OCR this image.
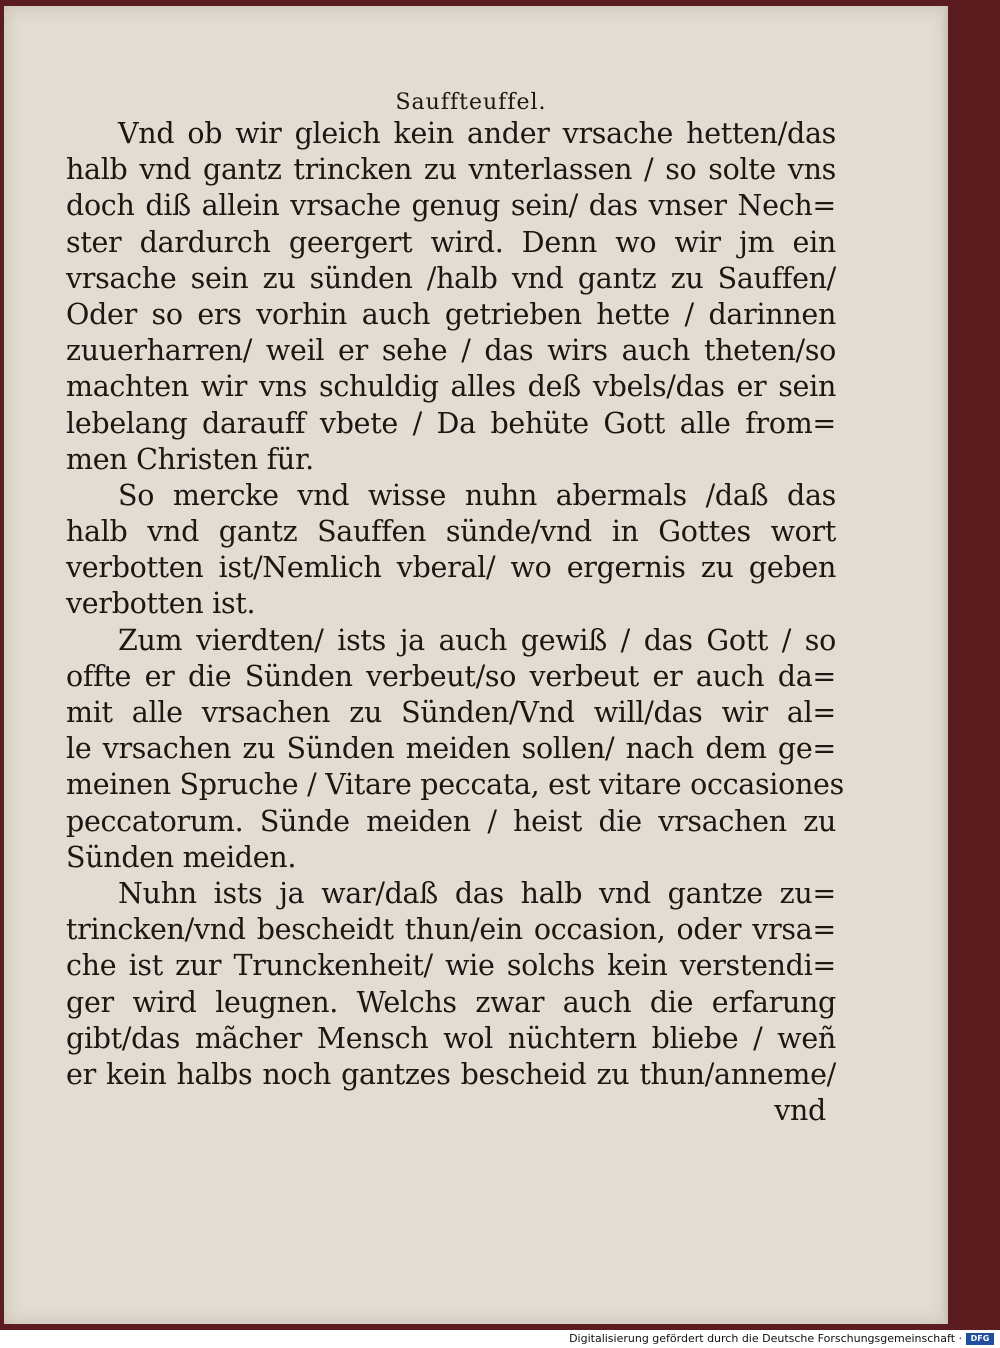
Sauffteuffel.
Vnd ob wir gleich kein ander vrsache hetten/das
halb vnd gantz trincken zu vnterlassen / so solte vns
doch diß allein vrsache genug sein/ das vnser Nech=
ster dardurch geergert wird. Denn wo wir jm ein
vrsache sein zu sünden /halb vnd gantz zu Sauffen/
Oder so ers vorhin auch getrieben hette / darinnen
zuuerharren/ weil er sehe / das wirs auch theten/so
machten wir vns schuldig alles deß vbels/das er sein
lebelang darauff vbete / Da behüte Gott alle from=
men Christen für.
So mercke vnd wisse nuhn abermals /daß das
halb vnd gantz Sauffen sünde/vnd in Gottes wort
verbotten ist/Nemlich vberal/ wo ergernis zu geben
verbotten ist.
Zum vierdten/ ists ja auch gewiß / das Gott / so
offte er die Sünden verbeut/so verbeut er auch da=
mit alle vrsachen zu Sünden/Vnd will/das wir al=
le vrsachen zu Sünden meiden sollen/ nach dem ge=
meinen Spruche / Vitare peccata, est vitare occasiones
peccatorum. Sünde meiden / heist die vrsachen zu
Sünden meiden.
Nuhn ists ja war/daß das halb vnd gantze zu=
trincken/vnd bescheidt thun/ein occasion, oder vrsa=
che ist zur Trunckenheit/ wie solchs kein verstendi=
ger wird leugnen. Welchs zwar auch die erfarung
gibt/das mãcher Mensch wol nüchtern bliebe / weñ
er kein halbs noch gantzes bescheid zu thun/anneme/
vnd
Digitalisierung gefördert durch die Deutsche Forschungsgemeinschaft ·	DFG
